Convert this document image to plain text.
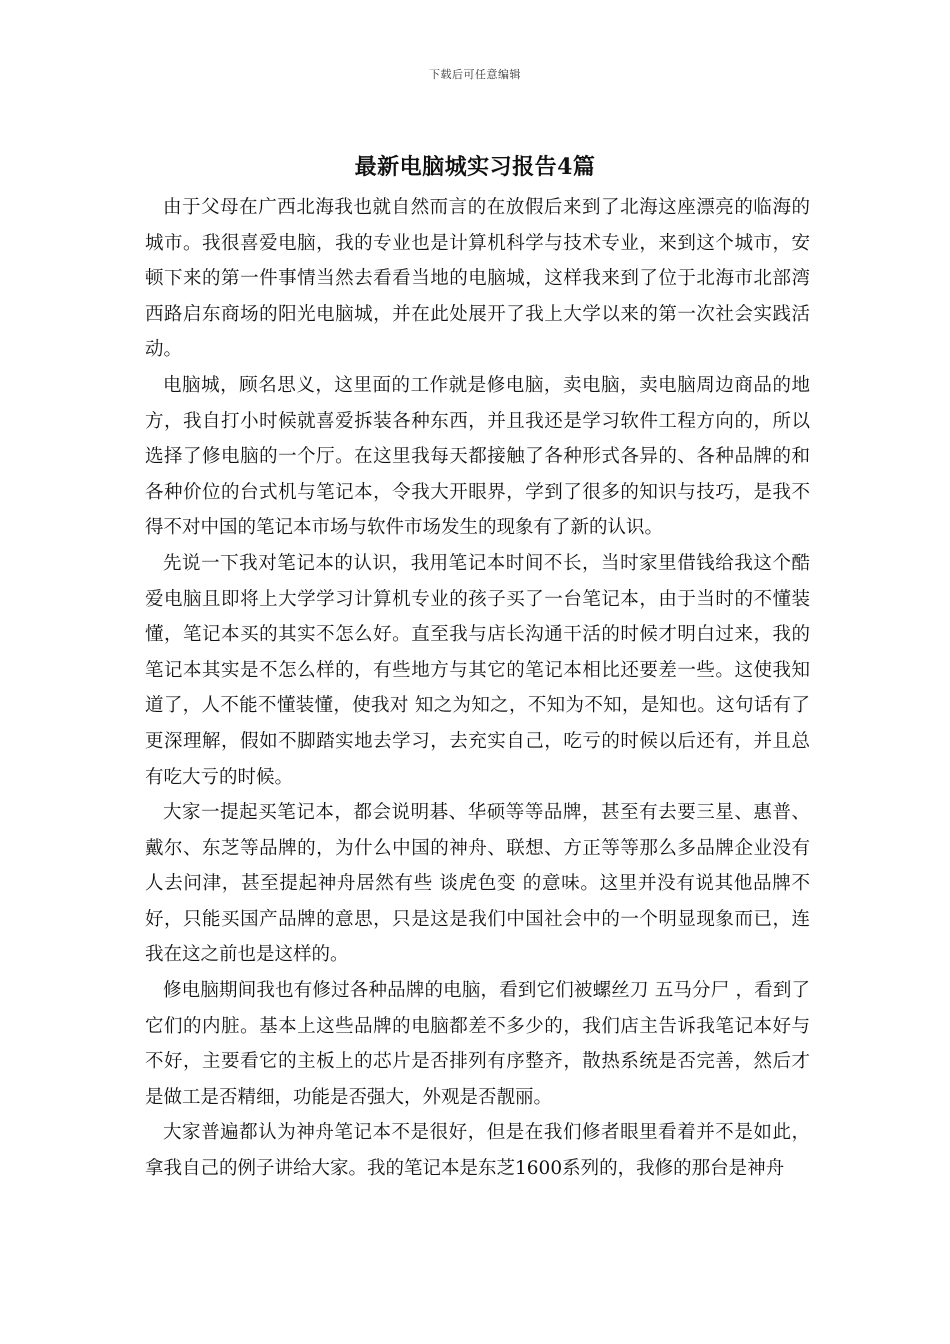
下载后可任意编辑
最新电脑城实习报告4篇

由于父母在广西北海我也就自然而言的在放假后来到了北海这座漂亮的临海的城市。我很喜爱电脑，我的专业也是计算机科学与技术专业，来到这个城市，安顿下来的第一件事情当然去看看当地的电脑城，这样我来到了位于北海市北部湾西路启东商场的阳光电脑城，并在此处展开了我上大学以来的第一次社会实践活动。

电脑城，顾名思义，这里面的工作就是修电脑，卖电脑，卖电脑周边商品的地方，我自打小时候就喜爱拆装各种东西，并且我还是学习软件工程方向的，所以选择了修电脑的一个厅。在这里我每天都接触了各种形式各异的、各种品牌的和各种价位的台式机与笔记本，令我大开眼界，学到了很多的知识与技巧，是我不得不对中国的笔记本市场与软件市场发生的现象有了新的认识。

先说一下我对笔记本的认识，我用笔记本时间不长，当时家里借钱给我这个酷爱电脑且即将上大学学习计算机专业的孩子买了一台笔记本，由于当时的不懂装懂，笔记本买的其实不怎么好。直至我与店长沟通干活的时候才明白过来，我的笔记本其实是不怎么样的，有些地方与其它的笔记本相比还要差一些。这使我知道了，人不能不懂装懂，使我对 知之为知之，不知为不知，是知也。这句话有了更深理解，假如不脚踏实地去学习，去充实自己，吃亏的时候以后还有，并且总有吃大亏的时候。

大家一提起买笔记本，都会说明碁、华硕等等品牌，甚至有去要三星、惠普、戴尔、东芝等品牌的，为什么中国的神舟、联想、方正等等那么多品牌企业没有人去问津，甚至提起神舟居然有些 谈虎色变 的意味。这里并没有说其他品牌不好，只能买国产品牌的意思，只是这是我们中国社会中的一个明显现象而已，连我在这之前也是这样的。

修电脑期间我也有修过各种品牌的电脑，看到它们被螺丝刀 五马分尸 ，看到了它们的内脏。基本上这些品牌的电脑都差不多少的，我们店主告诉我笔记本好与不好，主要看它的主板上的芯片是否排列有序整齐，散热系统是否完善，然后才是做工是否精细，功能是否强大，外观是否靓丽。

大家普遍都认为神舟笔记本不是很好，但是在我们修者眼里看着并不是如此，拿我自己的例子讲给大家。我的笔记本是东芝1600系列的，我修的那台是神舟
